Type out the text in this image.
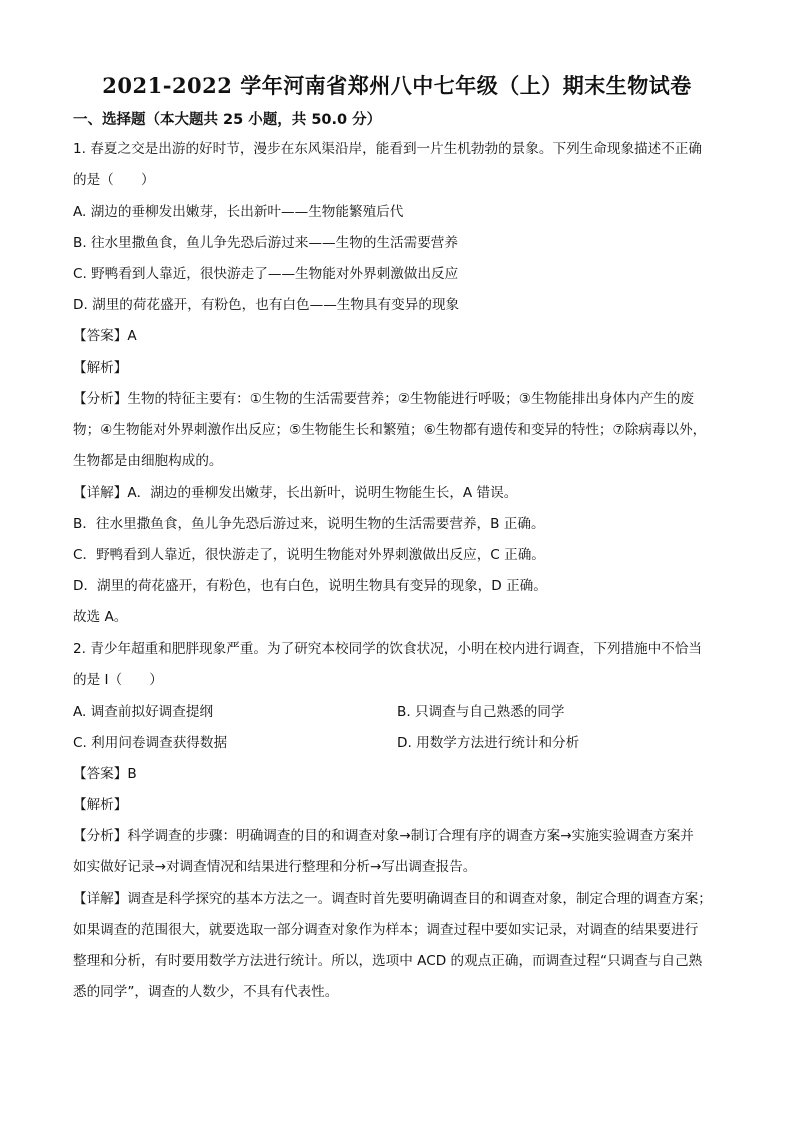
2021-2022 学年河南省郑州八中七年级（上）期末生物试卷
一、选择题（本大题共 25 小题，共 50.0 分）
1. 春夏之交是出游的好时节，漫步在东风渠沿岸，能看到一片生机勃勃的景象。下列生命现象描述不正确
的是（　　）
A. 湖边的垂柳发出嫩芽，长出新叶——生物能繁殖后代
B. 往水里撒鱼食，鱼儿争先恐后游过来——生物的生活需要营养
C. 野鸭看到人靠近，很快游走了——生物能对外界刺激做出反应
D. 湖里的荷花盛开，有粉色，也有白色——生物具有变异的现象
【答案】A
【解析】
【分析】生物的特征主要有：①生物的生活需要营养；②生物能进行呼吸；③生物能排出身体内产生的废
物；④生物能对外界刺激作出反应；⑤生物能生长和繁殖；⑥生物都有遗传和变异的特性；⑦除病毒以外，
生物都是由细胞构成的。
【详解】A．湖边的垂柳发出嫩芽，长出新叶，说明生物能生长，A 错误。
B．往水里撒鱼食，鱼儿争先恐后游过来，说明生物的生活需要营养，B 正确。
C．野鸭看到人靠近，很快游走了，说明生物能对外界刺激做出反应，C 正确。
D．湖里的荷花盛开，有粉色，也有白色，说明生物具有变异的现象，D 正确。
故选 A。
2. 青少年超重和肥胖现象严重。为了研究本校同学的饮食状况，小明在校内进行调查，下列措施中不恰当
的是 I（　　）
A. 调查前拟好调查提纲	B. 只调查与自己熟悉的同学
C. 利用问卷调查获得数据	D. 用数学方法进行统计和分析
【答案】B
【解析】
【分析】科学调查的步骤：明确调查的目的和调查对象→制订合理有序的调查方案→实施实验调查方案并
如实做好记录→对调查情况和结果进行整理和分析→写出调查报告。
【详解】调查是科学探究的基本方法之一。调查时首先要明确调查目的和调查对象，制定合理的调查方案；
如果调查的范围很大，就要选取一部分调查对象作为样本；调查过程中要如实记录，对调查的结果要进行
整理和分析，有时要用数学方法进行统计。所以，选项中 ACD 的观点正确，而调查过程“只调查与自己熟
悉的同学”，调查的人数少，不具有代表性。
